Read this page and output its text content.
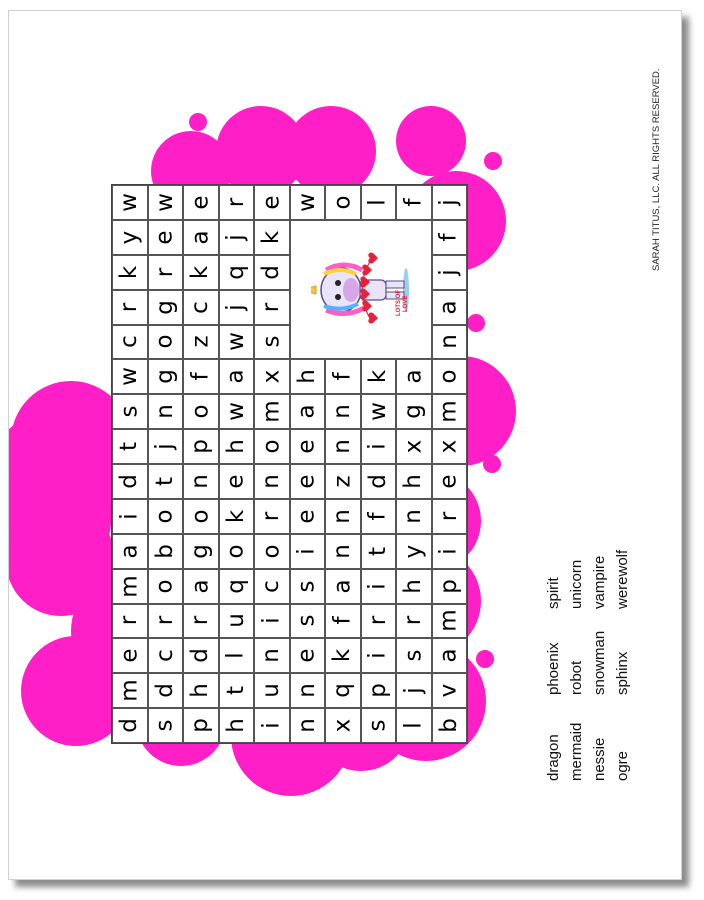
d
m
e
r
m
a
i
d
t
s
w
c
r
k
y
w
s
d
c
r
o
b
o
t
j
n
g
o
g
r
e
w
p
h
d
r
a
g
o
n
p
o
f
z
c
k
a
e
h
t
l
u
q
o
k
e
h
w
a
w
j
q
j
r
i
u
n
i
c
o
r
n
o
m
x
s
r
d
k
e
n
n
e
s
s
i
e
e
e
a
h
w
x
q
k
f
a
n
n
z
n
n
f
o
s
p
i
r
i
t
f
d
i
w
k
l
l
j
s
r
h
y
n
h
x
g
a
f
b
v
a
m
p
i
r
e
x
m
o
n
a
j
f
j
LOTS OF LOVE
dragon mermaid nessie ogre
phoenix robot snowman sphinx
spirit unicorn vampire werewolf
SARAH TITUS, LLC. ALL RIGHTS RESERVED.
